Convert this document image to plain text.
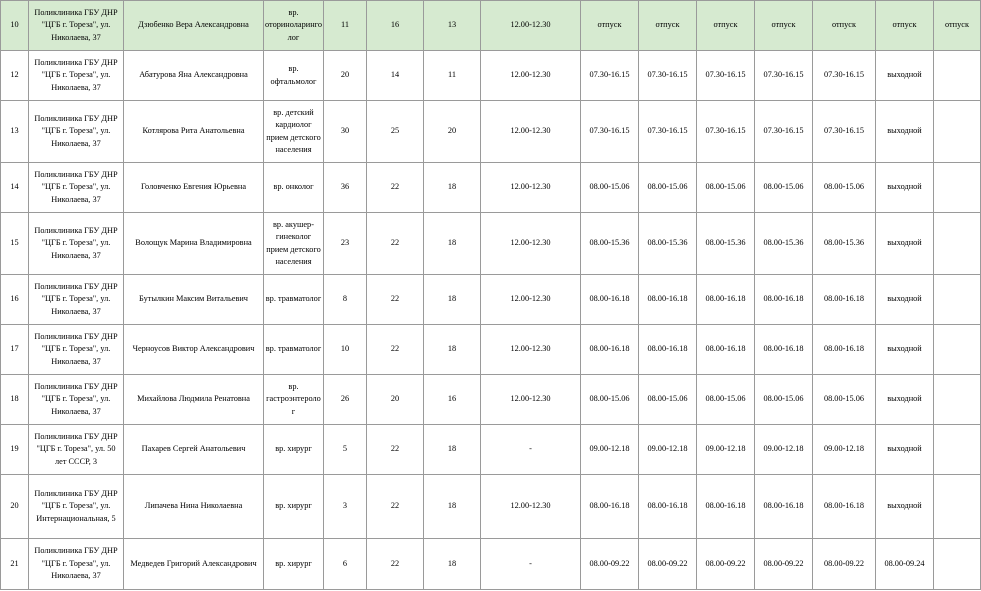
10	Поликлиника ГБУ ДНР "ЦГБ г. Тореза", ул. Николаева, 37	Дзюбенко Вера Александровна	вр. оториноларинголог	11	16	13	12.00-12.30	отпуск	отпуск	отпуск	отпуск	отпуск	отпуск	отпуск
12	Поликлиника ГБУ ДНР "ЦГБ г. Тореза", ул. Николаева, 37	Абатурова Яна Александровна	вр. офтальмолог	20	14	11	12.00-12.30	07.30-16.15	07.30-16.15	07.30-16.15	07.30-16.15	07.30-16.15	выходной	
13	Поликлиника ГБУ ДНР "ЦГБ г. Тореза", ул. Николаева, 37	Котлярова Рита Анатольевна	вр. детский кардиолог прием детского населения	30	25	20	12.00-12.30	07.30-16.15	07.30-16.15	07.30-16.15	07.30-16.15	07.30-16.15	выходной	
14	Поликлиника ГБУ ДНР "ЦГБ г. Тореза", ул. Николаева, 37	Головченко Евгения Юрьевна	вр. онколог	36	22	18	12.00-12.30	08.00-15.06	08.00-15.06	08.00-15.06	08.00-15.06	08.00-15.06	выходной	
15	Поликлиника ГБУ ДНР "ЦГБ г. Тореза", ул. Николаева, 37	Волощук Марина Владимировна	вр. акушер-гинеколог прием детского населения	23	22	18	12.00-12.30	08.00-15.36	08.00-15.36	08.00-15.36	08.00-15.36	08.00-15.36	выходной	
16	Поликлиника ГБУ ДНР "ЦГБ г. Тореза", ул. Николаева, 37	Бутылкин Максим Витальевич	вр. травматолог	8	22	18	12.00-12.30	08.00-16.18	08.00-16.18	08.00-16.18	08.00-16.18	08.00-16.18	выходной	
17	Поликлиника ГБУ ДНР "ЦГБ г. Тореза", ул. Николаева, 37	Черноусов Виктор Александрович	вр. травматолог	10	22	18	12.00-12.30	08.00-16.18	08.00-16.18	08.00-16.18	08.00-16.18	08.00-16.18	выходной	
18	Поликлиника ГБУ ДНР "ЦГБ г. Тореза", ул. Николаева, 37	Михайлова Людмила Ренатовна	вр. гастроэнтеролог	26	20	16	12.00-12.30	08.00-15.06	08.00-15.06	08.00-15.06	08.00-15.06	08.00-15.06	выходной	
19	Поликлиника ГБУ ДНР "ЦГБ г. Тореза", ул. 50 лет СССР, 3	Пахарев Сергей Анатольевич	вр. хирург	5	22	18	-	09.00-12.18	09.00-12.18	09.00-12.18	09.00-12.18	09.00-12.18	выходной	
20	Поликлиника ГБУ ДНР "ЦГБ г. Тореза", ул. Интернациональная, 5	Липачева Нина Николаевна	вр. хирург	3	22	18	12.00-12.30	08.00-16.18	08.00-16.18	08.00-16.18	08.00-16.18	08.00-16.18	выходной	
21	Поликлиника ГБУ ДНР "ЦГБ г. Тореза", ул. Николаева, 37	Медведев Григорий Александрович	вр. хирург	6	22	18	-	08.00-09.22	08.00-09.22	08.00-09.22	08.00-09.22	08.00-09.22	08.00-09.24	
